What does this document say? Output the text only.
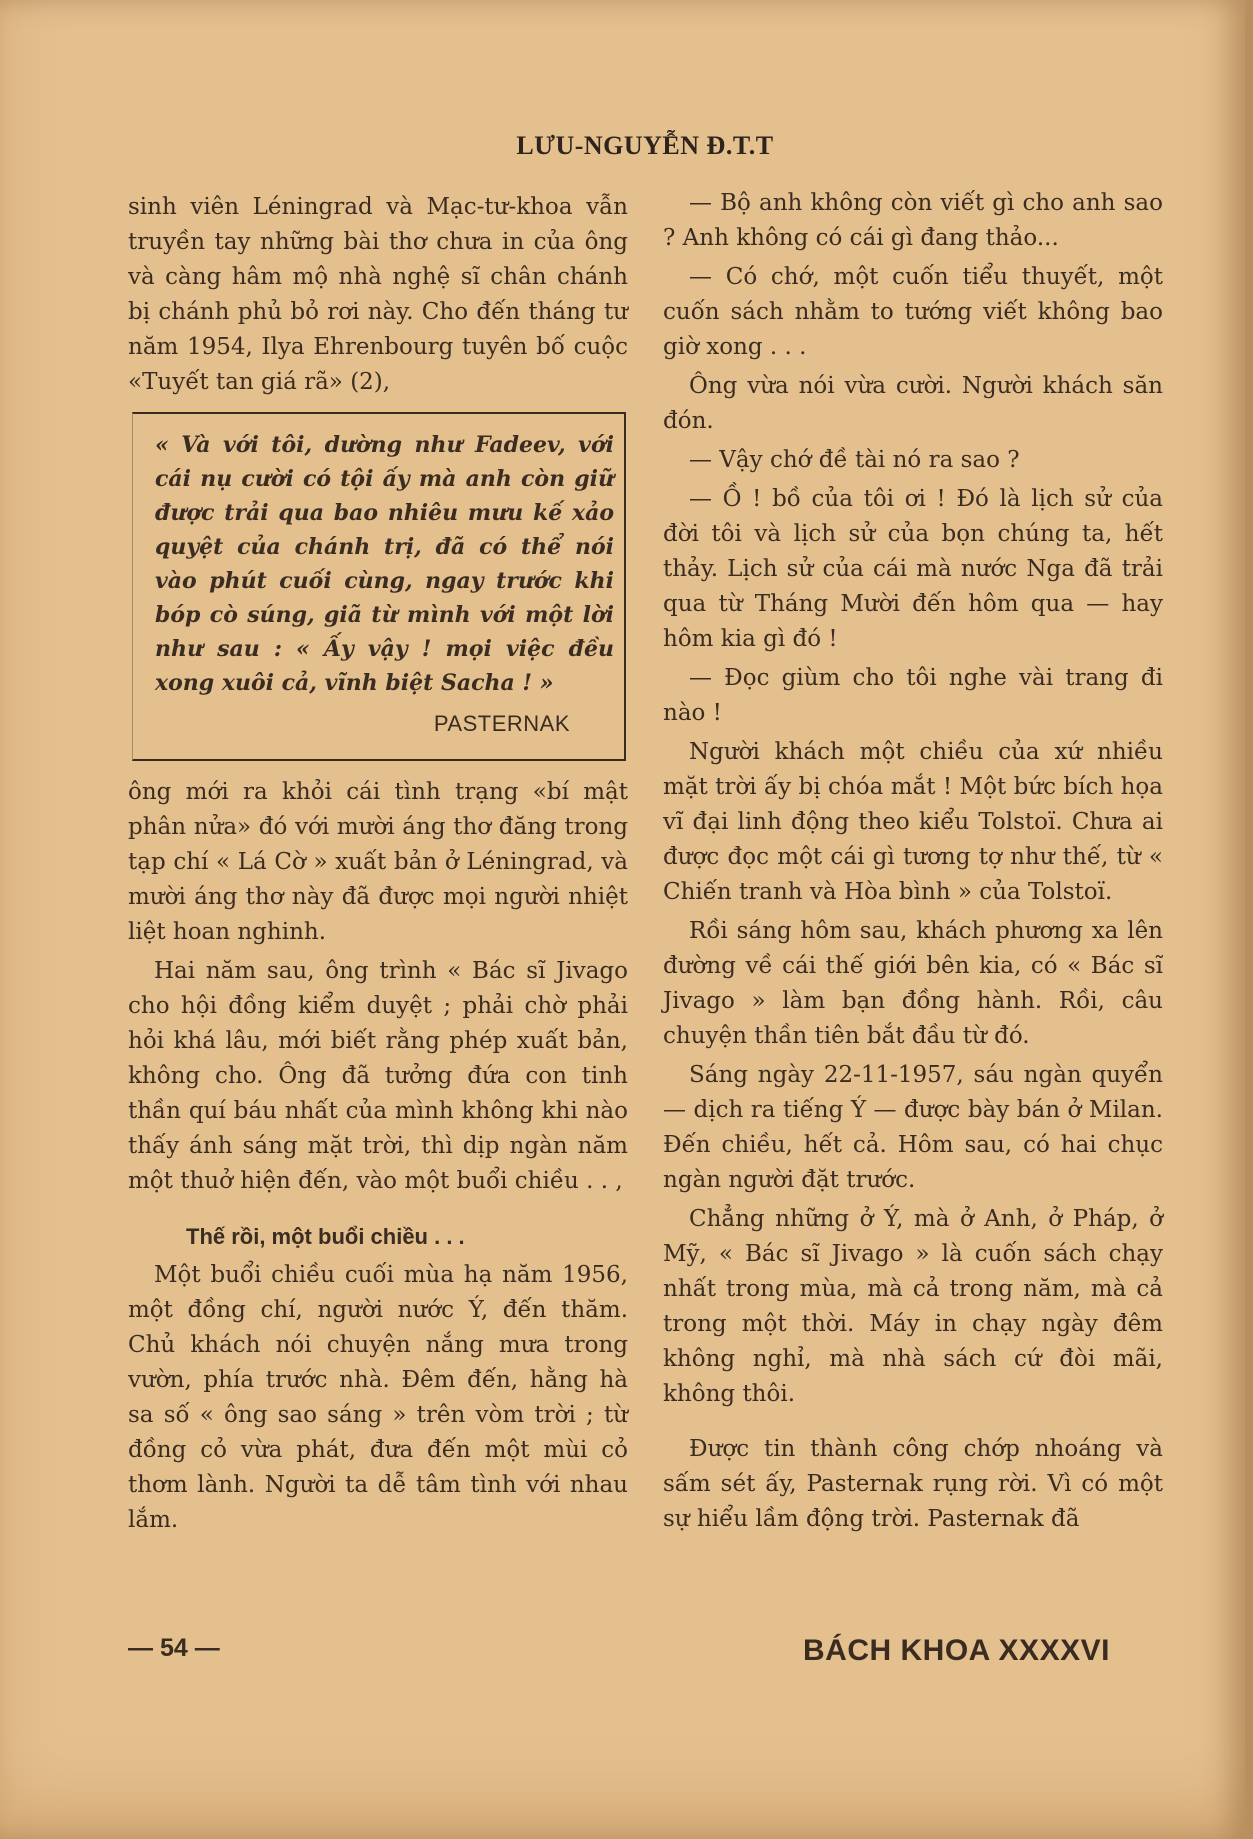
LƯU-NGUYỄN Đ.T.T

sinh viên Léningrad và Mạc-tư-khoa vẫn truyền tay những bài thơ chưa in của ông và càng hâm mộ nhà nghệ sĩ chân chánh bị chánh phủ bỏ rơi này. Cho đến tháng tư năm 1954, Ilya Ehrenbourg tuyên bố cuộc «Tuyết tan giá rã» (2),

« Và với tôi, dường như Fadeev, với cái nụ cười có tội ấy mà anh còn giữ được trải qua bao nhiêu mưu kế xảo quyệt của chánh trị, đã có thể nói vào phút cuối cùng, ngay trước khi bóp cò súng, giã từ mình với một lời như sau : « Ấy vậy ! mọi việc đều xong xuôi cả, vĩnh biệt Sacha ! »
PASTERNAK

ông mới ra khỏi cái tình trạng «bí mật phân nửa» đó với mười áng thơ đăng trong tạp chí « Lá Cờ » xuất bản ở Léningrad, và mười áng thơ này đã được mọi người nhiệt liệt hoan nghinh.

Hai năm sau, ông trình « Bác sĩ Jivago cho hội đồng kiểm duyệt ; phải chờ phải hỏi khá lâu, mới biết rằng phép xuất bản, không cho. Ông đã tưởng đứa con tinh thần quí báu nhất của mình không khi nào thấy ánh sáng mặt trời, thì dịp ngàn năm một thuở hiện đến, vào một buổi chiều . . ,

Thế rồi, một buổi chiều . . .

Một buổi chiều cuối mùa hạ năm 1956, một đồng chí, người nước Ý, đến thăm. Chủ khách nói chuyện nắng mưa trong vườn, phía trước nhà. Đêm đến, hằng hà sa số « ông sao sáng » trên vòm trời ; từ đồng cỏ vừa phát, đưa đến một mùi cỏ thơm lành. Người ta dễ tâm tình với nhau lắm.

— Bộ anh không còn viết gì cho anh sao ? Anh không có cái gì đang thảo...

— Có chớ, một cuốn tiểu thuyết, một cuốn sách nhằm to tướng viết không bao giờ xong . . .

Ông vừa nói vừa cười. Người khách săn đón.

— Vậy chớ đề tài nó ra sao ?

— Ồ ! bồ của tôi ơi ! Đó là lịch sử của đời tôi và lịch sử của bọn chúng ta, hết thảy. Lịch sử của cái mà nước Nga đã trải qua từ Tháng Mười đến hôm qua — hay hôm kia gì đó !

— Đọc giùm cho tôi nghe vài trang đi nào !

Người khách một chiều của xứ nhiều mặt trời ấy bị chóa mắt ! Một bức bích họa vĩ đại linh động theo kiểu Tolstoï. Chưa ai được đọc một cái gì tương tợ như thế, từ « Chiến tranh và Hòa bình » của Tolstoï.

Rồi sáng hôm sau, khách phương xa lên đường về cái thế giới bên kia, có « Bác sĩ Jivago » làm bạn đồng hành. Rồi, câu chuyện thần tiên bắt đầu từ đó.

Sáng ngày 22-11-1957, sáu ngàn quyển — dịch ra tiếng Ý — được bày bán ở Milan. Đến chiều, hết cả. Hôm sau, có hai chục ngàn người đặt trước.

Chẳng những ở Ý, mà ở Anh, ở Pháp, ở Mỹ, « Bác sĩ Jivago » là cuốn sách chạy nhất trong mùa, mà cả trong năm, mà cả trong một thời. Máy in chạy ngày đêm không nghỉ, mà nhà sách cứ đòi mãi, không thôi.

Được tin thành công chớp nhoáng và sấm sét ấy, Pasternak rụng rời. Vì có một sự hiểu lầm động trời. Pasternak đã

— 54 —	BÁCH KHOA XXXXVI
